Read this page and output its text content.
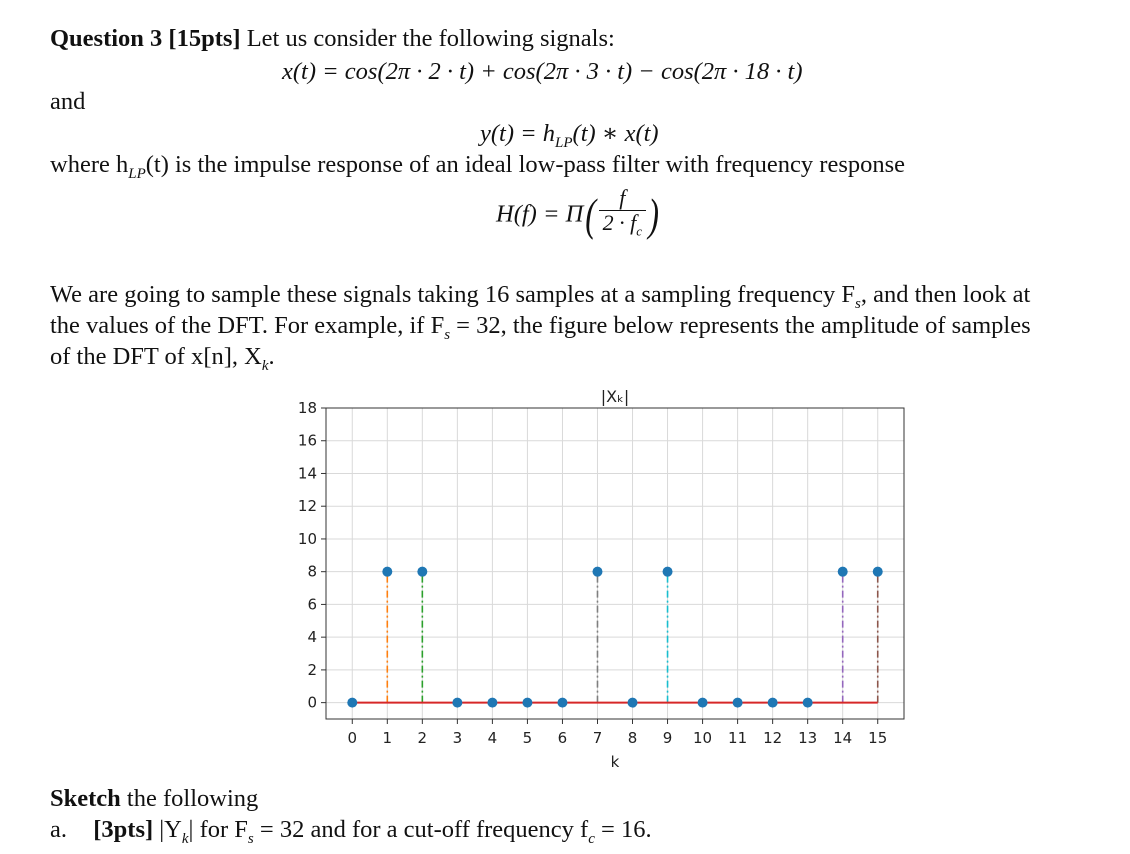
Question 3 [15pts] Let us consider the following signals:
x(t) = cos(2π · 2 · t) + cos(2π · 3 · t) − cos(2π · 18 · t)
and
$y(t) = h_{LP}(t)$ ∗ x(t)
where $h_{LP}(t)$ is the impulse response of an ideal low-pass filter with frequency response
$H(f) = \Pi( \frac{f}{2 \cdot f_c}$ )
We are going to sample these signals taking 16 samples at a sampling frequency $F_s$, and then look at
the values of the DFT. For example, if $F_s = 32$, the figure below represents the amplitude of samples
of the DFT of x[n], $X_k$.
0 1 2 3 4 5 6 7 8 9 10 11 12 13 14 15
0
2
4
6
8
10
12
14
16
18
|Xₖ|
k
Sketch the following
a. [3pts] $|Y_k|$ for $F_s = 32$ and for a cut-off frequency $f_c = 16$.
